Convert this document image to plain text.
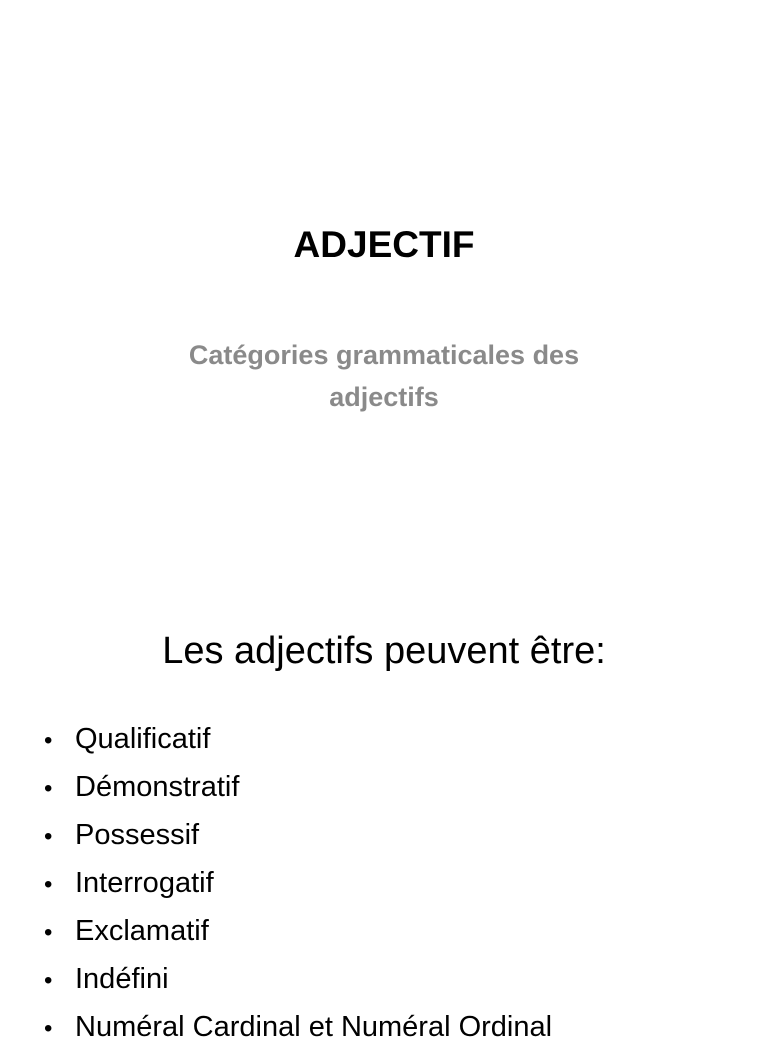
ADJECTIF

Catégories grammaticales des adjectifs

Les adjectifs peuvent être:
• Qualificatif
• Démonstratif
• Possessif
• Interrogatif
• Exclamatif
• Indéfini
• Numéral Cardinal et Numéral Ordinal
